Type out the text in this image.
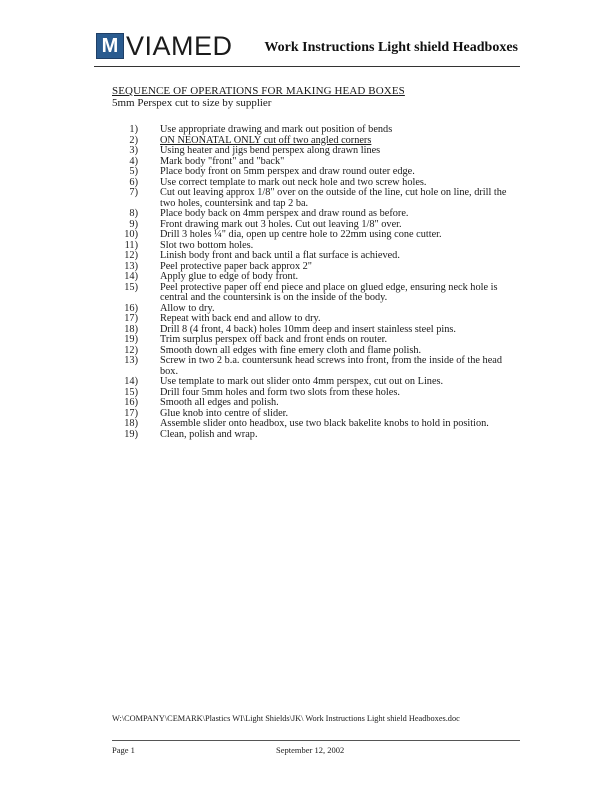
M VIAMED Work Instructions Light shield Headboxes
SEQUENCE OF OPERATIONS FOR MAKING HEAD BOXES
5mm Perspex cut to size by supplier
1)	Use appropriate drawing and mark out position of bends
2)	ON NEONATAL ONLY cut off two angled corners
3)	Using heater and jigs bend perspex along drawn lines
4)	Mark body "front" and "back"
5)	Place body front on 5mm perspex and draw round outer edge.
6)	Use correct template to mark out neck hole and two screw holes.
7)	Cut out leaving approx 1/8" over on the outside of the line, cut hole on line, drill the two holes, countersink and tap 2 ba.
8)	Place body back on 4mm perspex and draw round as before.
9)	Front drawing mark out 3 holes. Cut out leaving 1/8" over.
10)	Drill 3 holes ¼" dia, open up centre hole to 22mm using cone cutter.
11)	Slot two bottom holes.
12)	Linish body front and back until a flat surface is achieved.
13)	Peel protective paper back approx 2"
14)	Apply glue to edge of body front.
15)	Peel protective paper off end piece and place on glued edge, ensuring neck hole is central and the countersink is on the inside of the body.
16)	Allow to dry.
17)	Repeat with back end and allow to dry.
18)	Drill 8 (4 front, 4 back) holes 10mm deep and insert stainless steel pins.
19)	Trim surplus perspex off back and front ends on router.
12)	Smooth down all edges with fine emery cloth and flame polish.
13)	Screw in two 2 b.a. countersunk head screws into front, from the inside of the head box.
14)	Use template to mark out slider onto 4mm perspex, cut out on Lines.
15)	Drill four 5mm holes and form two slots from these holes.
16)	Smooth all edges and polish.
17)	Glue knob into centre of slider.
18)	Assemble slider onto headbox, use two black bakelite knobs to hold in position.
19)	Clean, polish and wrap.
W:\COMPANY\CEMARK\Plastics WI\Light Shields\JK\ Work Instructions Light shield Headboxes.doc
Page 1	September 12, 2002
